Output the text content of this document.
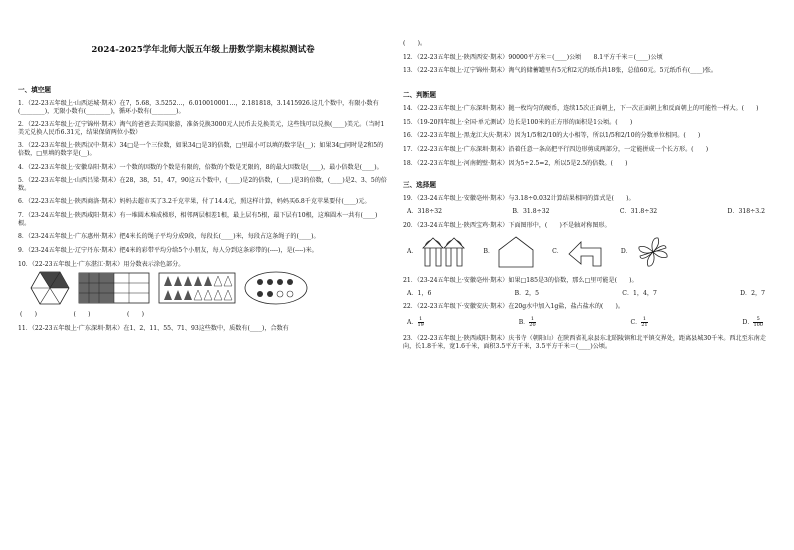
2024-2025学年北师大版五年级上册数学期末模拟测试卷
一、填空题
1．（22-23五年级上·山西运城·期末）在7，5.68，3.5252…，6.010010001…，2.181818，3.1415926.这几个数中，有限小数有(________)，无限小数有(________)，循环小数有(________)。
2．（22-23五年级上·辽宁锦州·期末）淘气的爸爸去美国旅游，准备兑换3000元人民币去兑换美元，这些钱可以兑换(____)美元。（当时1美元兑换人民币6.31元，结果保留两位小数）
3．（22-23五年级上·陕西汉中·期末）34□是一个三位数，如果34□是3的倍数，□里最小可以填的数字是(__)；如果34□同时是2和5的倍数，□里填的数字是(__)。
4．（22-23五年级上·安徽阜阳·期末）一个数的因数的个数是有限的，倍数的个数是无限的，8的最大因数是(____)，最小倍数是(____)。
5．（22-23五年级上·山西吕梁·期末）在28，38，51，47，90这五个数中，(____)是2的倍数，(____)是3的倍数，(____)是2、3、5的倍数。
6．（22-23五年级上·陕西商洛·期末）妈妈去超市买了3.2千克苹果，付了14.4元，照这样计算，妈妈买6.8千克苹果要付(____)元。
7．（23-24五年级上·陕西咸阳·期末）有一堆圆木堆成梯形，相邻两层相差1根，最上层有5根，最下层有10根，这堆圆木一共有(____)根。
8．（23-24五年级上·广东惠州·期末）把4米长的绳子平均分成9段，每段长(____)米，每段占这条绳子的(____)。
9．（23-24五年级上·辽宁丹东·期末）把4米的彩带平均分给5个小朋友，每人分到这条彩带的(----)，是(----)米。
10．（22-23五年级上·广东湛江·期末）用分数表示涂色部分。
(　　)　　　　　　(　　)　　　　　　(　　)
11．（22-23五年级上·广东深圳·期末）在1、2、11、55、71、93这些数中，质数有(____)，合数有
(　　)。
12．（22-23五年级上·陕西西安·期末）90000平方米＝(____)公顷　　8.1平方千米＝(____)公顷
13．（22-23五年级上·辽宁锦州·期末）淘气的储蓄罐里有5元和2元的纸币共18张，总值60元。5元纸币有(____)张。
二、判断题
14．（22-23五年级上·广东深圳·期末）抛一枚均匀的硬币，连续15次正面朝上，下一次正面朝上和反面朝上的可能性一样大。(　　)
15．（19-20四年级上·全国·单元测试）边长是100米的正方形的面积是1公顷。(　　)
16．（22-23五年级上·黑龙江大庆·期末）因为1/5和2/10的大小相等，所以1/5和2/10的分数单位相同。(　　)
17．（22-23五年级上·广东深圳·期末）沿着任意一条高把平行四边形剪成两部分，一定能拼成一个长方形。(　　)
18．（22-23五年级上·河南鹤壁·期末）因为5÷2.5=2，所以5是2.5的倍数。(　　)
三、选择题
19．（23-24五年级上·安徽亳州·期末）与3.18÷0.032计算结果相同的算式是(　　)。
A．318÷32	B．31.8÷32	C．31.8÷32	D．318÷3.2
20．（23-24五年级上·陕西宝鸡·期末）下面图形中，(　　)不是轴对称图形。
A．	B．	C．	D．
21．（23-24五年级上·安徽亳州·期末）如果□185是3的倍数，那么□里可能是(　　)。
A．1，6	B．2，5	C．1，4，7	D．2，7
22．（22-23五年级下·安徽安庆·期末）在20g水中加入1g盐，盐占盐水的(　　)。
A． $\frac{1}{19}$	B． $\frac{1}{20}$	C． $\frac{1}{21}$	D． $\frac{5}{100}$
23．（22-23五年级上·陕西咸阳·期末）庆书寺（朝阳山）在陕西省礼泉县东北昭陵镇和北平镇交界处，距离县城30千米。西北至东南走向，长1.8千米，宽1.6千米，面积3.5平方千米，3.5平方千米＝(____)公顷。
